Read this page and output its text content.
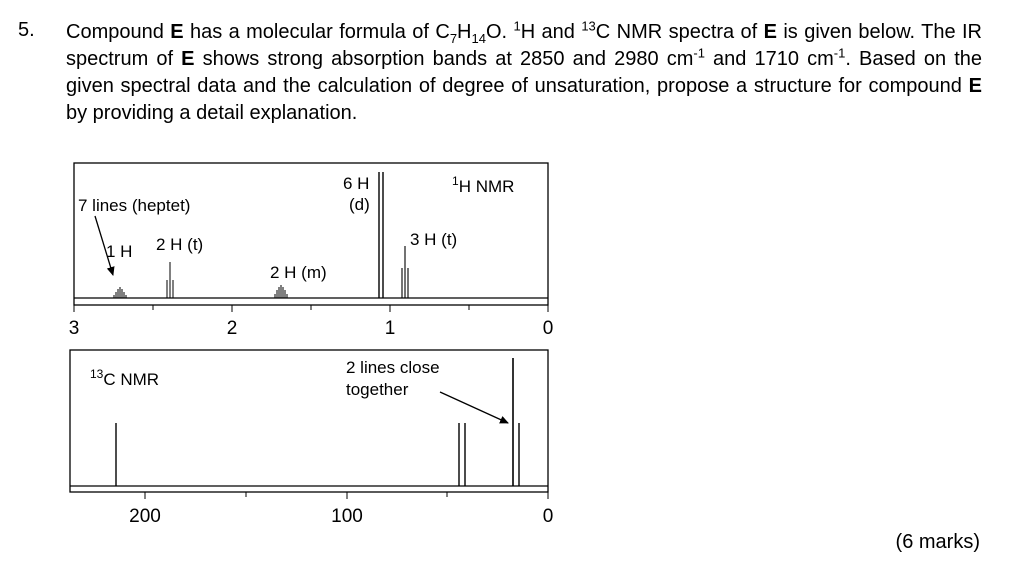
5. Compound E has a molecular formula of $C_7H_{14}O$. $^1$H and $^{13}$C NMR spectra of E is given below. The IR spectrum of E shows strong absorption bands at 2850 and 2980 $cm^{-1}$ and 1710 $cm^{-1}$. Based on the given spectral data and the calculation of degree of unsaturation, propose a structure for compound E by providing a detail explanation.
3	2	1	0
7 lines (heptet)
1 H 2 H (t)
2 H (m)
6 H
(d)
3 H (t)
$^1$H NMR
200	100	0
$^{13}$C NMR
2 lines close
together
(6 marks)
